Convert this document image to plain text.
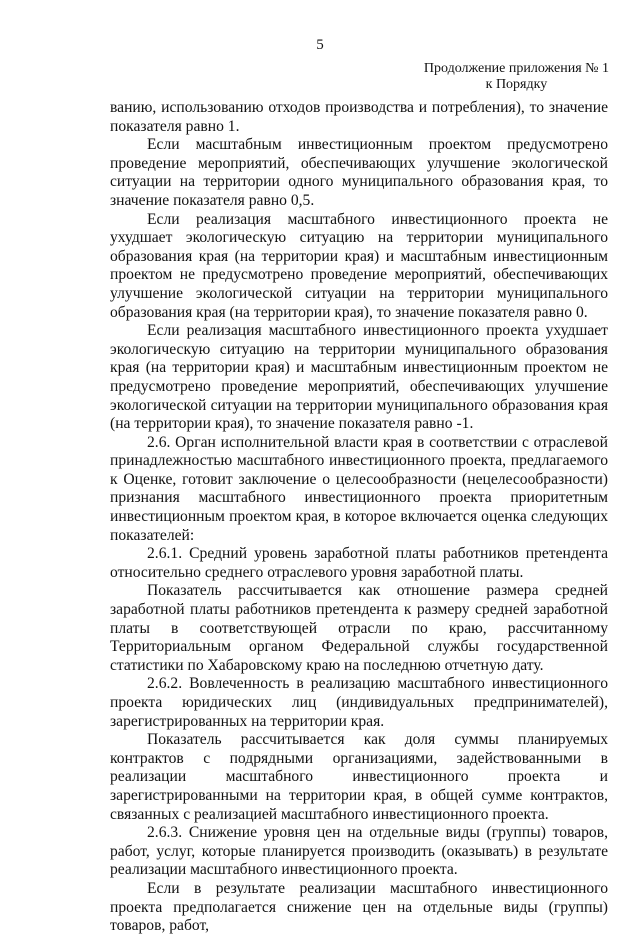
5
Продолжение приложения № 1
к Порядку

ванию, использованию отходов производства и потребления), то значение показателя равно 1.

Если масштабным инвестиционным проектом предусмотрено проведение мероприятий, обеспечивающих улучшение экологической ситуации на территории одного муниципального образования края, то значение показателя равно 0,5.

Если реализация масштабного инвестиционного проекта не ухудшает экологическую ситуацию на территории муниципального образования края (на территории края) и масштабным инвестиционным проектом не предусмотрено проведение мероприятий, обеспечивающих улучшение экологической ситуации на территории муниципального образования края (на территории края), то значение показателя равно 0.

Если реализация масштабного инвестиционного проекта ухудшает экологическую ситуацию на территории муниципального образования края (на территории края) и масштабным инвестиционным проектом не предусмотрено проведение мероприятий, обеспечивающих улучшение экологической ситуации на территории муниципального образования края (на территории края), то значение показателя равно -1.

2.6. Орган исполнительной власти края в соответствии с отраслевой принадлежностью масштабного инвестиционного проекта, предлагаемого к Оценке, готовит заключение о целесообразности (нецелесообразности) признания масштабного инвестиционного проекта приоритетным инвестиционным проектом края, в которое включается оценка следующих показателей:

2.6.1. Средний уровень заработной платы работников претендента относительно среднего отраслевого уровня заработной платы.

Показатель рассчитывается как отношение размера средней заработной платы работников претендента к размеру средней заработной платы в соответствующей отрасли по краю, рассчитанному Территориальным органом Федеральной службы государственной статистики по Хабаровскому краю на последнюю отчетную дату.

2.6.2. Вовлеченность в реализацию масштабного инвестиционного проекта юридических лиц (индивидуальных предпринимателей), зарегистрированных на территории края.

Показатель рассчитывается как доля суммы планируемых контрактов с подрядными организациями, задействованными в реализации масштабного инвестиционного проекта и зарегистрированными на территории края, в общей сумме контрактов, связанных с реализацией масштабного инвестиционного проекта.

2.6.3. Снижение уровня цен на отдельные виды (группы) товаров, работ, услуг, которые планируется производить (оказывать) в результате реализации масштабного инвестиционного проекта.

Если в результате реализации масштабного инвестиционного проекта предполагается снижение цен на отдельные виды (группы) товаров, работ,
